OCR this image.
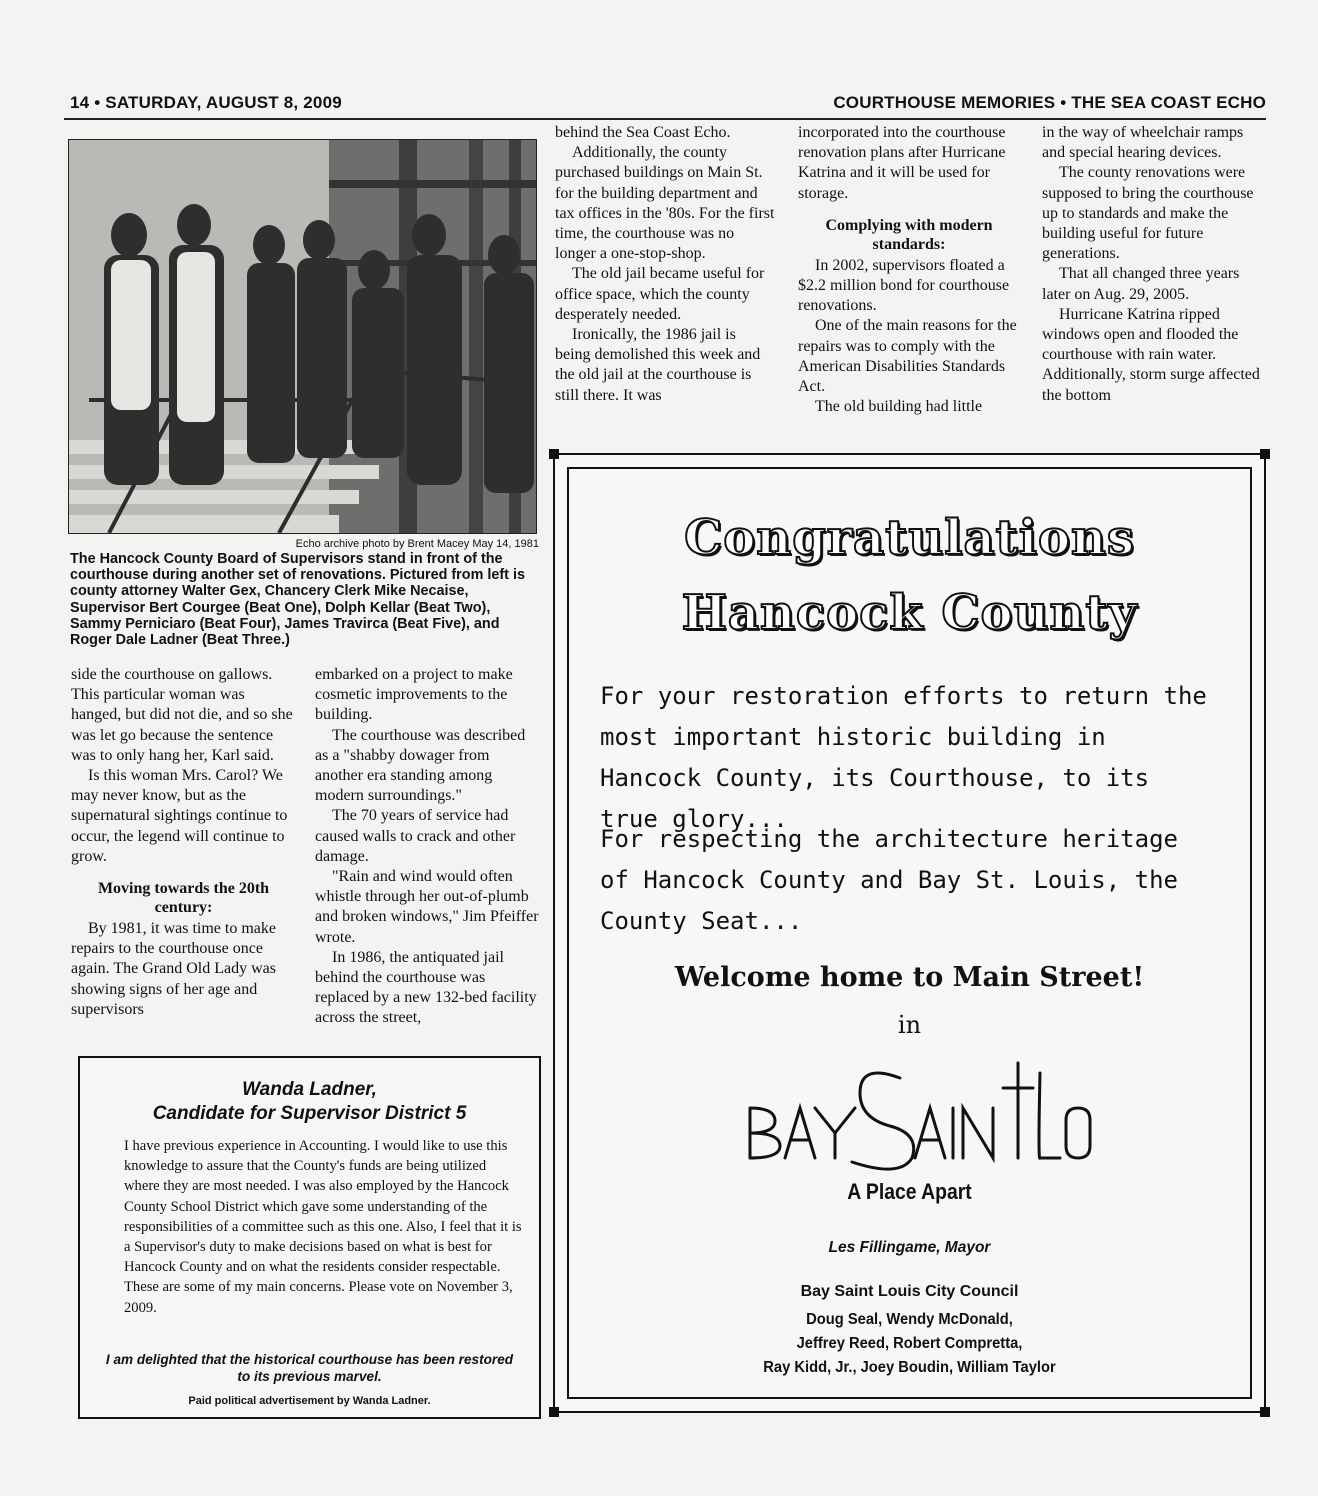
14 • SATURDAY, AUGUST 8, 2009	COURTHOUSE MEMORIES • THE SEA COAST ECHO
Echo archive photo by Brent Macey May 14, 1981

The Hancock County Board of Supervisors stand in front of the courthouse during another set of renovations. Pictured from left is county attorney Walter Gex, Chancery Clerk Mike Necaise, Supervisor Bert Courgee (Beat One), Dolph Kellar (Beat Two), Sammy Perniciaro (Beat Four), James Travirca (Beat Five), and Roger Dale Ladner (Beat Three.)

behind the Sea Coast Echo.

Additionally, the county purchased buildings on Main St. for the building department and tax offices in the '80s. For the first time, the courthouse was no longer a one-stop-shop.

The old jail became useful for office space, which the county desperately needed.

Ironically, the 1986 jail is being demolished this week and the old jail at the courthouse is still there. It was

incorporated into the courthouse renovation plans after Hurricane Katrina and it will be used for storage.

Complying with modern standards:

In 2002, supervisors floated a $2.2 million bond for courthouse renovations.

One of the main reasons for the repairs was to comply with the American Disabilities Standards Act.

The old building had little

in the way of wheelchair ramps and special hearing devices.

The county renovations were supposed to bring the courthouse up to standards and make the building useful for future generations.

That all changed three years later on Aug. 29, 2005.

Hurricane Katrina ripped windows open and flooded the courthouse with rain water. Additionally, storm surge affected the bottom

side the courthouse on gallows. This particular woman was hanged, but did not die, and so she was let go because the sentence was to only hang her, Karl said.

Is this woman Mrs. Carol? We may never know, but as the supernatural sightings continue to occur, the legend will continue to grow.

Moving towards the 20th century:

By 1981, it was time to make repairs to the courthouse once again. The Grand Old Lady was showing signs of her age and supervisors

embarked on a project to make cosmetic improvements to the building.

The courthouse was described as a "shabby dowager from another era standing among modern surroundings."

The 70 years of service had caused walls to crack and other damage.

"Rain and wind would often whistle through her out-of-plumb and broken windows," Jim Pfeiffer wrote.

In 1986, the antiquated jail behind the courthouse was replaced by a new 132-bed facility across the street,

Wanda Ladner,
Candidate for Supervisor District 5

I have previous experience in Accounting. I would like to use this knowledge to assure that the County's funds are being utilized where they are most needed. I was also employed by the Hancock County School District which gave some understanding of the responsibilities of a committee such as this one. Also, I feel that it is a Supervisor's duty to make decisions based on what is best for Hancock County and on what the residents consider respectable. These are some of my main concerns. Please vote on November 3, 2009.

I am delighted that the historical courthouse has been restored to its previous marvel.
Paid political advertisement by Wanda Ladner.
Congratulations
Hancock County

For your restoration efforts to return the most important historic building in Hancock County, its Courthouse, to its true glory...

For respecting the architecture heritage of Hancock County and Bay St. Louis, the County Seat...

Welcome home to Main Street!
in
A Place Apart
Les Fillingame, Mayor
Bay Saint Louis City Council
Doug Seal, Wendy McDonald,
Jeffrey Reed, Robert Compretta,
Ray Kidd, Jr., Joey Boudin, William Taylor
